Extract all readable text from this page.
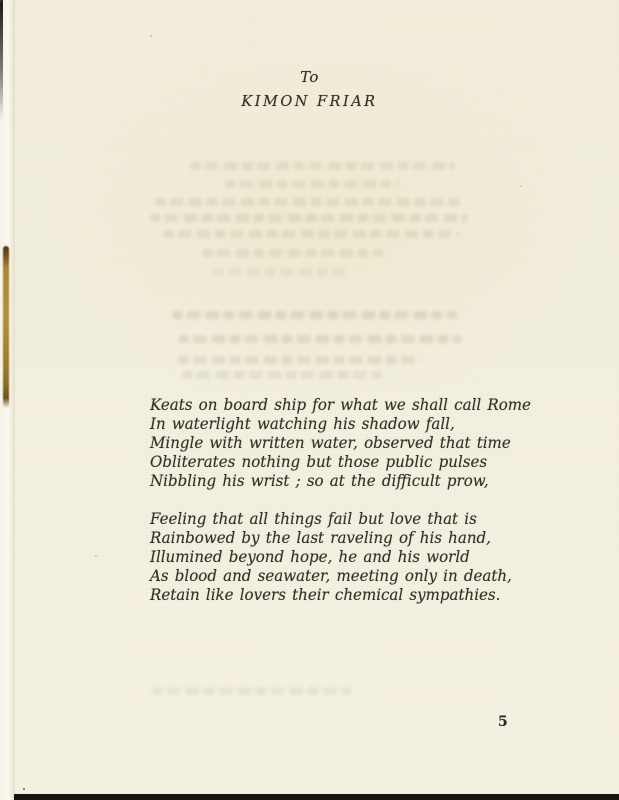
To
KIMON FRIAR
Keats on board ship for what we shall call Rome
In waterlight watching his shadow fall,
Mingle with written water, observed that time
Obliterates nothing but those public pulses
Nibbling his wrist ; so at the difficult prow,
Feeling that all things fail but love that is
Rainbowed by the last raveling of his hand,
Illumined beyond hope, he and his world
As blood and seawater, meeting only in death,
Retain like lovers their chemical sympathies.
5
